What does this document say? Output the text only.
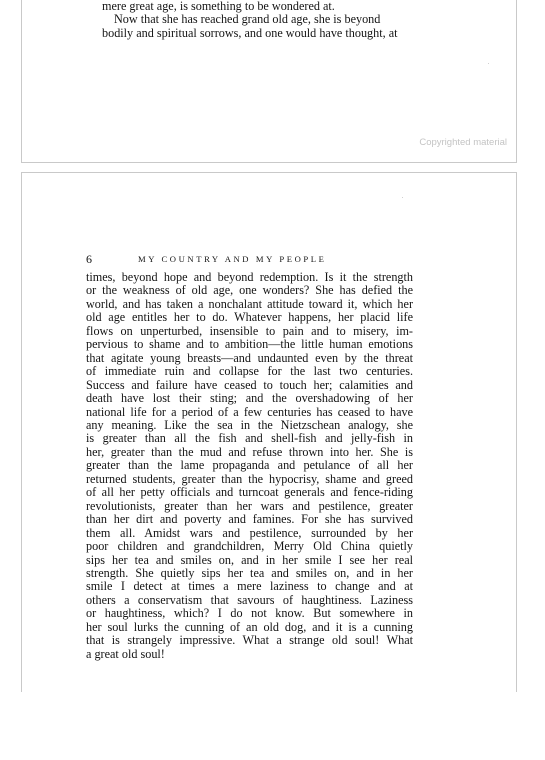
Copyrighted material

mere great age, is something to be wondered at.

Now that she has reached grand old age, she is beyond

bodily and spiritual sorrows, and one would have thought, at

6	MY COUNTRY AND MY PEOPLE
times, beyond hope and beyond redemption. Is it the strength
or the weakness of old age, one wonders? She has defied the
world, and has taken a nonchalant attitude toward it, which her
old age entitles her to do. Whatever happens, her placid life
flows on unperturbed, insensible to pain and to misery, im-
pervious to shame and to ambition—the little human emotions
that agitate young breasts—and undaunted even by the threat
of immediate ruin and collapse for the last two centuries.
Success and failure have ceased to touch her; calamities and
death have lost their sting; and the overshadowing of her
national life for a period of a few centuries has ceased to have
any meaning. Like the sea in the Nietzschean analogy, she
is greater than all the fish and shell-fish and jelly-fish in
her, greater than the mud and refuse thrown into her. She is
greater than the lame propaganda and petulance of all her
returned students, greater than the hypocrisy, shame and greed
of all her petty officials and turncoat generals and fence-riding
revolutionists, greater than her wars and pestilence, greater
than her dirt and poverty and famines. For she has survived
them all. Amidst wars and pestilence, surrounded by her
poor children and grandchildren, Merry Old China quietly
sips her tea and smiles on, and in her smile I see her real
strength. She quietly sips her tea and smiles on, and in her
smile I detect at times a mere laziness to change and at
others a conservatism that savours of haughtiness. Laziness
or haughtiness, which? I do not know. But somewhere in
her soul lurks the cunning of an old dog, and it is a cunning
that is strangely impressive. What a strange old soul! What
a great old soul!
